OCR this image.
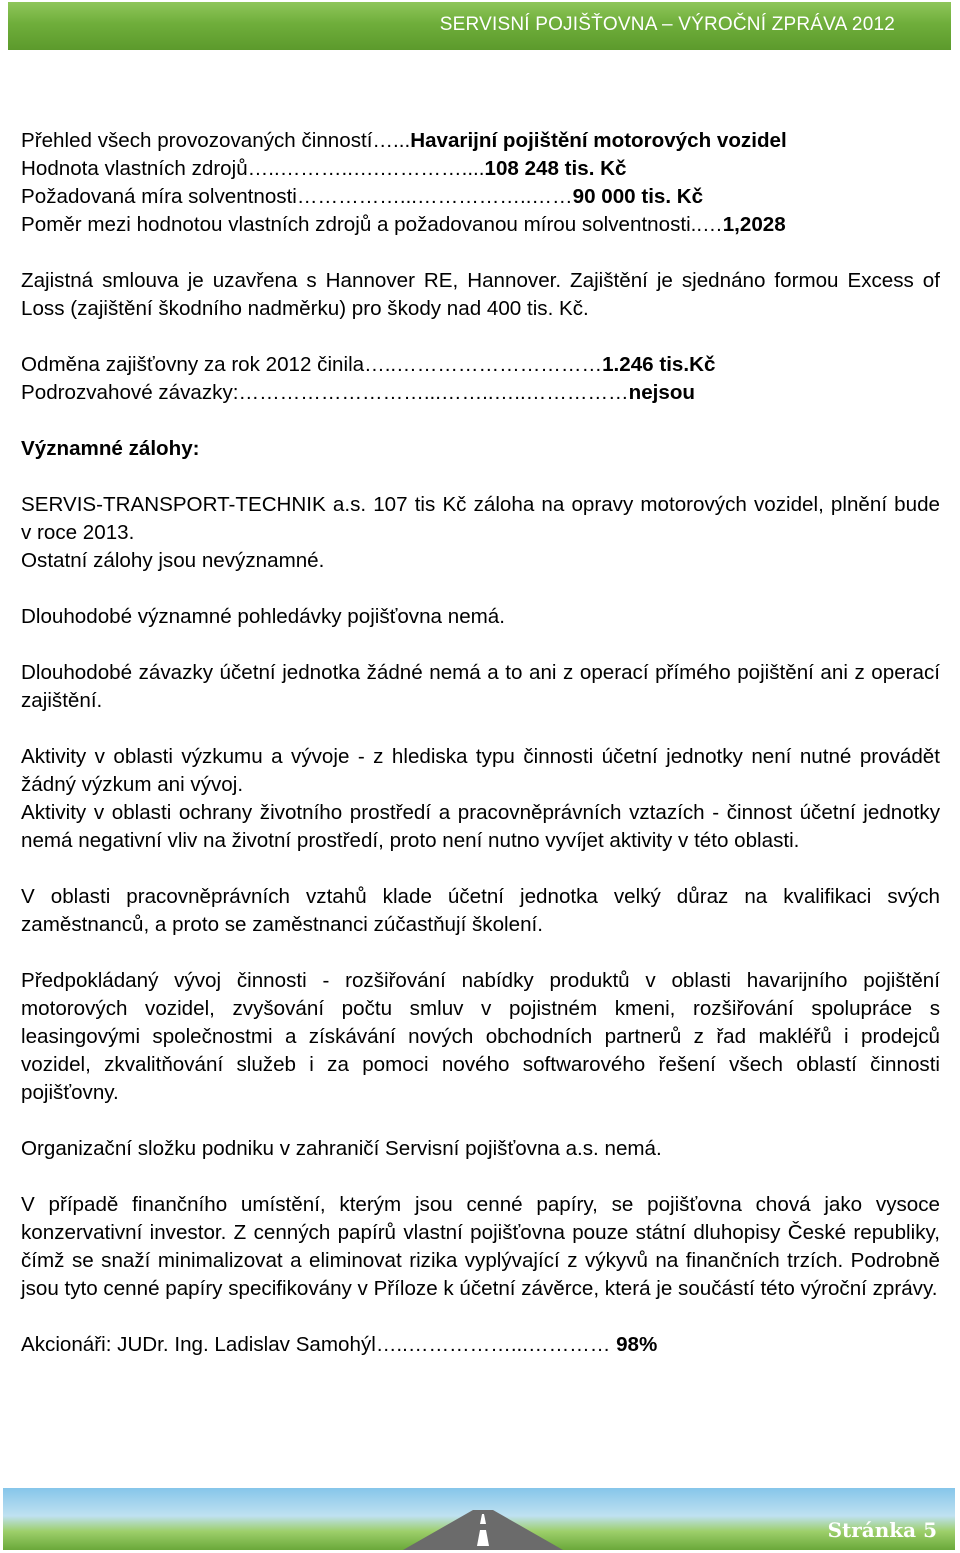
SERVISNÍ POJIŠŤOVNA – VÝROČNÍ ZPRÁVA 2012
Přehled všech provozovaných činností…...Havarijní pojištění motorových vozidel
Hodnota vlastních zdrojů…..………..….…………....108 248 tis. Kč
Požadovaná míra solventnosti……………...……………..……90 000 tis. Kč
Poměr mezi hodnotou vlastních zdrojů a požadovanou mírou solventnosti..…1,2028
Zajistná smlouva je uzavřena s Hannover RE, Hannover. Zajištění je sjednáno formou Excess of Loss (zajištění škodního nadměrku) pro škody nad 400 tis. Kč.
Odměna zajišťovny za rok 2012 činila…..…………………………1.246 tis.Kč
Podrozvahové závazky:………………………...……..…..……………nejsou
Významné zálohy:
SERVIS-TRANSPORT-TECHNIK a.s. 107 tis Kč záloha na opravy motorových vozidel, plnění bude v roce 2013.
Ostatní zálohy jsou nevýznamné.
Dlouhodobé významné pohledávky pojišťovna nemá.
Dlouhodobé závazky účetní jednotka žádné nemá a to ani z operací přímého pojištění ani z operací zajištění.
Aktivity v oblasti výzkumu a vývoje - z hlediska typu činnosti účetní jednotky není nutné provádět žádný výzkum ani vývoj.
Aktivity v oblasti ochrany životního prostředí a pracovněprávních vztazích - činnost účetní jednotky nemá negativní vliv na životní prostředí, proto není nutno vyvíjet aktivity v této oblasti.
V oblasti pracovněprávních vztahů klade účetní jednotka velký důraz na kvalifikaci svých zaměstnanců, a proto se zaměstnanci zúčastňují školení.
Předpokládaný vývoj činnosti - rozšiřování nabídky produktů v oblasti havarijního pojištění motorových vozidel, zvyšování počtu smluv v pojistném kmeni, rozšiřování spolupráce s leasingovými společnostmi a získávání nových obchodních partnerů z řad makléřů i prodejců vozidel, zkvalitňování služeb i za pomoci nového softwarového řešení všech oblastí činnosti pojišťovny.
Organizační složku podniku v zahraničí Servisní pojišťovna a.s. nemá.
V případě finančního umístění, kterým jsou cenné papíry, se pojišťovna chová jako vysoce konzervativní investor. Z cenných papírů vlastní pojišťovna pouze státní dluhopisy České republiky, čímž se snaží minimalizovat a eliminovat rizika vyplývající z výkyvů na finančních trzích. Podrobně jsou tyto cenné papíry specifikovány v Příloze k účetní závěrce, která je součástí této výroční zprávy.
Akcionáři: JUDr. Ing. Ladislav Samohýl…..……………...………… 98%
Stránka 5
